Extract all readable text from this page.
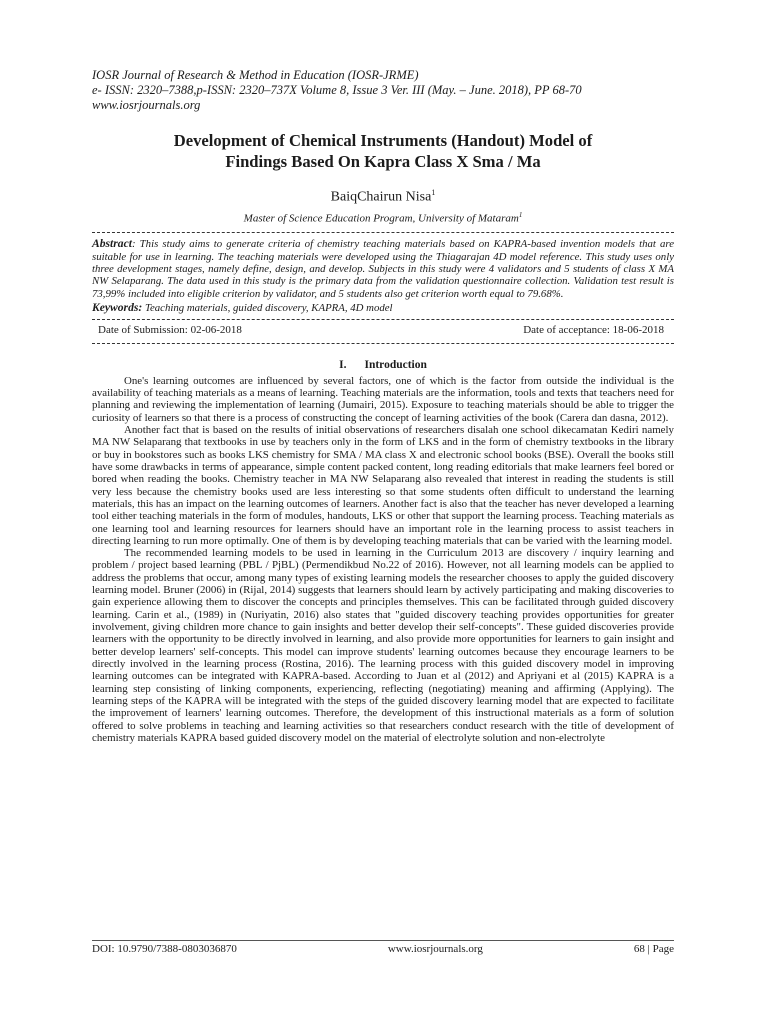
IOSR Journal of Research & Method in Education (IOSR-JRME)
e- ISSN: 2320–7388,p-ISSN: 2320–737X Volume 8, Issue 3 Ver. III (May. – June. 2018), PP 68-70
www.iosrjournals.org
Development of Chemical Instruments (Handout) Model of
Findings Based On Kapra Class X Sma / Ma
BaiqChairun Nisa$^1$
Master of Science Education Program, University of Mataram$^1$
Abstract: This study aims to generate criteria of chemistry teaching materials based on KAPRA-based invention models that are suitable for use in learning. The teaching materials were developed using the Thiagarajan 4D model reference. This study uses only three development stages, namely define, design, and develop. Subjects in this study were 4 validators and 5 students of class X MA NW Selaparang. The data used in this study is the primary data from the validation questionnaire collection. Validation test result is 73,99% included into eligible criterion by validator, and 5 students also get criterion worth equal to 79.68%.
Keywords: Teaching materials, guided discovery, KAPRA, 4D model
Date of Submission: 02-06-2018	Date of acceptance: 18-06-2018
I. Introduction

One's learning outcomes are influenced by several factors, one of which is the factor from outside the individual is the availability of teaching materials as a means of learning. Teaching materials are the information, tools and texts that teachers need for planning and reviewing the implementation of learning (Jumairi, 2015). Exposure to teaching materials should be able to trigger the curiosity of learners so that there is a process of constructing the concept of learning activities of the book (Carera dan dasna, 2012).

Another fact that is based on the results of initial observations of researchers disalah one school dikecamatan Kediri namely MA NW Selaparang that textbooks in use by teachers only in the form of LKS and in the form of chemistry textbooks in the library or buy in bookstores such as books LKS chemistry for SMA / MA class X and electronic school books (BSE). Overall the books still have some drawbacks in terms of appearance, simple content packed content, long reading editorials that make learners feel bored or bored when reading the books. Chemistry teacher in MA NW Selaparang also revealed that interest in reading the students is still very less because the chemistry books used are less interesting so that some students often difficult to understand the learning materials, this has an impact on the learning outcomes of learners. Another fact is also that the teacher has never developed a learning tool either teaching materials in the form of modules, handouts, LKS or other that support the learning process. Teaching materials as one learning tool and learning resources for learners should have an important role in the learning process to assist teachers in directing learning to run more optimally. One of them is by developing teaching materials that can be varied with the learning model.

The recommended learning models to be used in learning in the Curriculum 2013 are discovery / inquiry learning and problem / project based learning (PBL / PjBL) (Permendikbud No.22 of 2016). However, not all learning models can be applied to address the problems that occur, among many types of existing learning models the researcher chooses to apply the guided discovery learning model. Bruner (2006) in (Rijal, 2014) suggests that learners should learn by actively participating and making discoveries to gain experience allowing them to discover the concepts and principles themselves. This can be facilitated through guided discovery learning. Carin et al., (1989) in (Nuriyatin, 2016) also states that "guided discovery teaching provides opportunities for greater involvement, giving children more chance to gain insights and better develop their self-concepts". These guided discoveries provide learners with the opportunity to be directly involved in learning, and also provide more opportunities for learners to gain insight and better develop learners' self-concepts. This model can improve students' learning outcomes because they encourage learners to be directly involved in the learning process (Rostina, 2016). The learning process with this guided discovery model in improving learning outcomes can be integrated with KAPRA-based. According to Juan et al (2012) and Apriyani et al (2015) KAPRA is a learning step consisting of linking components, experiencing, reflecting (negotiating) meaning and affirming (Applying). The learning steps of the KAPRA will be integrated with the steps of the guided discovery learning model that are expected to facilitate the improvement of learners' learning outcomes. Therefore, the development of this instructional materials as a form of solution offered to solve problems in teaching and learning activities so that researchers conduct research with the title of development of chemistry materials KAPRA based guided discovery model on the material of electrolyte solution and non-electrolyte

DOI: 10.9790/7388-0803036870	www.iosrjournals.org	68 | Page
